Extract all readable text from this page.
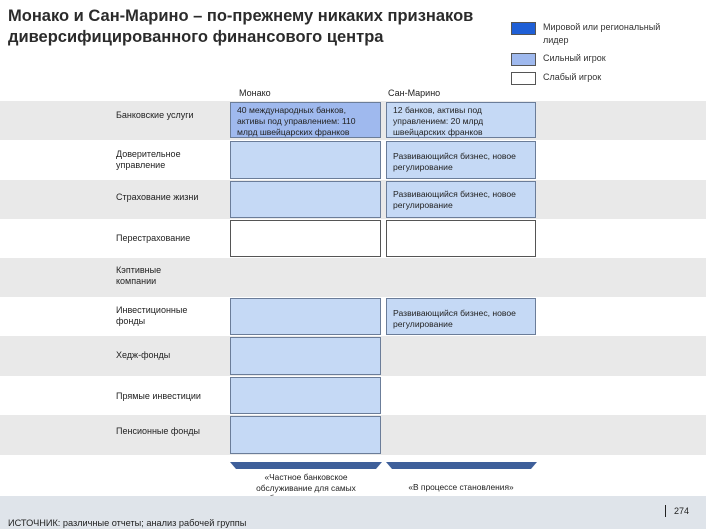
Монако и Сан-Марино – по-прежнему никаких признаков диверсифицированного финансового центра
Мировой или региональный лидер
Сильный игрок
Слабый игрок
Монако	Сан-Марино
Банковские услуги
Доверительное управление
Страхование жизни
Перестрахование
Кэптивные компании
Инвестиционные фонды
Хедж-фонды
Прямые инвестиции
Пенсионные фонды
40 международных банков, активы под управлением: 110 млрд швейцарских франков
12 банков, активы под управлением: 20 млрд швейцарских франков
Развивающийся бизнес, новое регулирование
Развивающийся бизнес, новое регулирование
Развивающийся бизнес, новое регулирование
«Частное банковское обслуживание для самых	«В процессе становления»
ИСТОЧНИК: различные отчеты; анализ рабочей группы
274
